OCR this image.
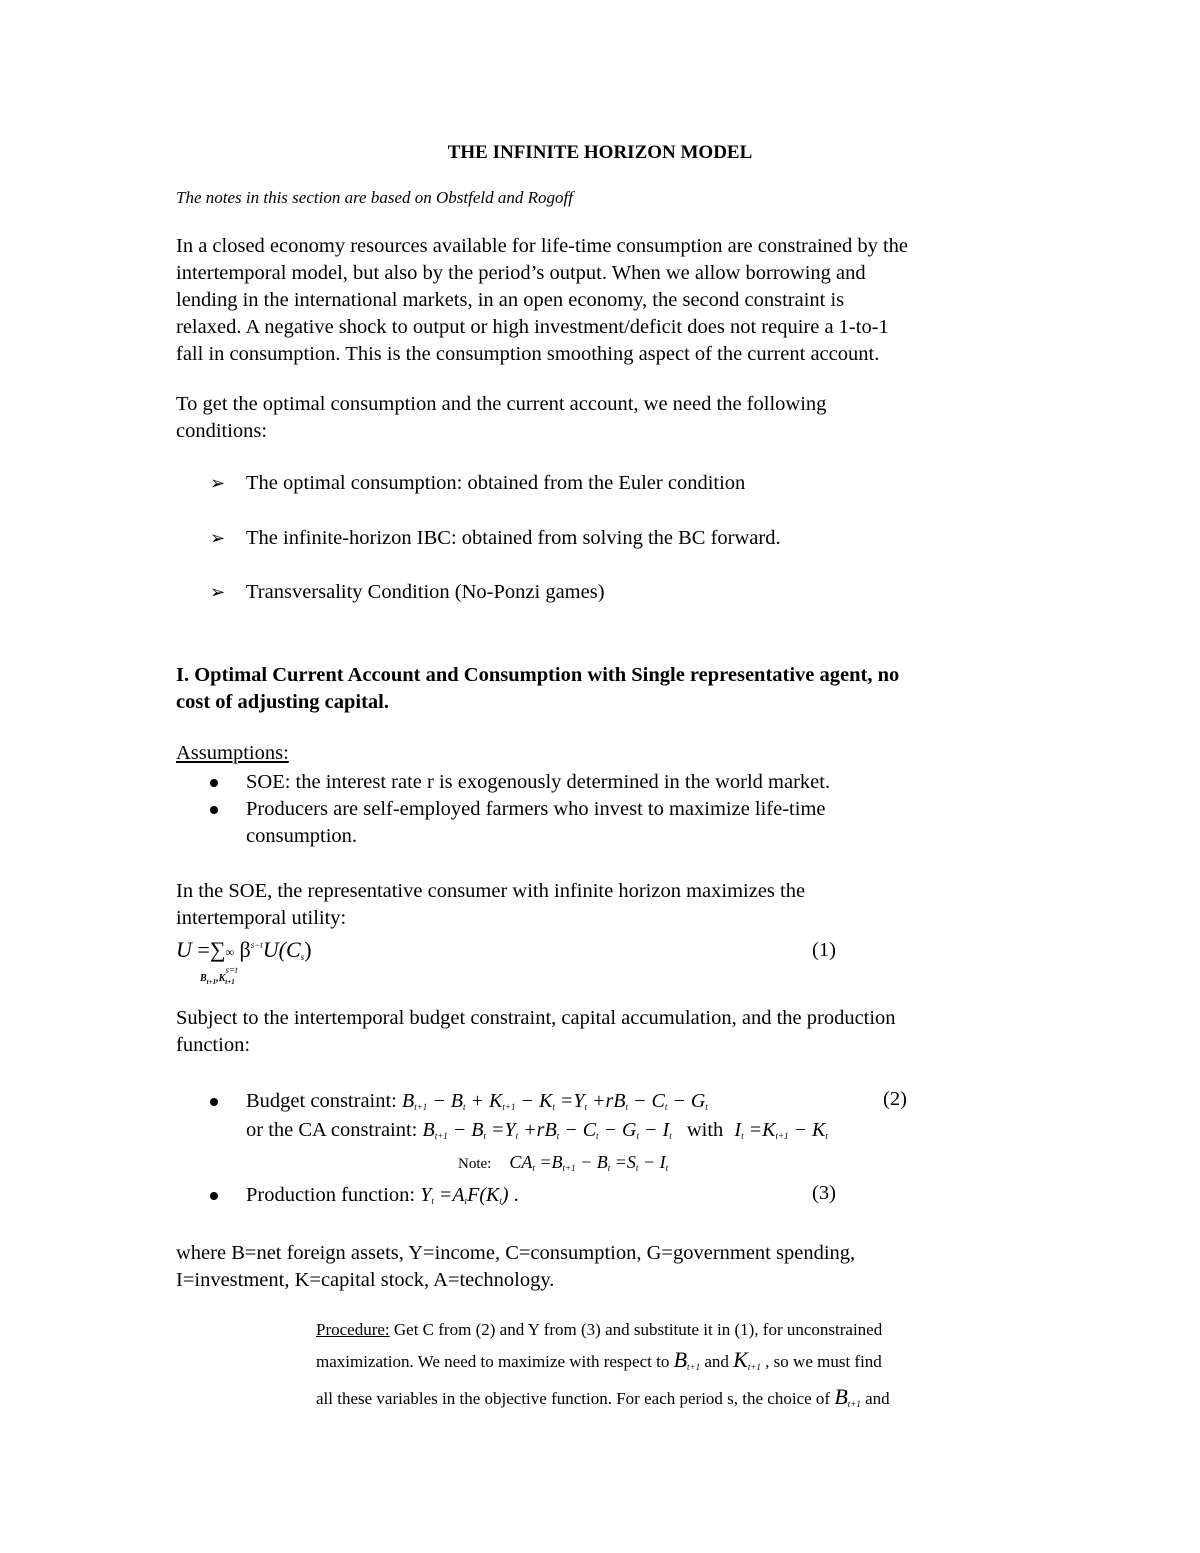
THE INFINITE HORIZON MODEL
The notes in this section are based on Obstfeld and Rogoff
In a closed economy resources available for life-time consumption are constrained by the
intertemporal model, but also by the period’s output. When we allow borrowing and
lending in the international markets, in an open economy, the second constraint is
relaxed. A negative shock to output or high investment/deficit does not require a 1-to-1
fall in consumption. This is the consumption smoothing aspect of the current account.
To get the optimal consumption and the current account, we need the following
conditions:
➢ The optimal consumption: obtained from the Euler condition
➢ The infinite-horizon IBC: obtained from solving the BC forward.
➢ Transversality Condition (No-Ponzi games)
I. Optimal Current Account and Consumption with Single representative agent, no
cost of adjusting capital.
Assumptions:
SOE: the interest rate r is exogenously determined in the world market.
Producers are self-employed farmers who invest to maximize life-time
consumption.
In the SOE, the representative consumer with infinite horizon maximizes the
intertemporal utility:
U =∑ ∞
s=t
$\beta^{s-t}U(C_s)$
$B_{t+1},K_{t+1}$
(1)
Subject to the intertemporal budget constraint, capital accumulation, and the production
function:
Budget constraint: $B_{t+1} - B_t + K_{t+1} - K_t =Y_t +rB_t - C_t - G_t$	(2)
or the CA constraint: $B_{t+1} - B_t =Y_t +rB_t - C_t - G_t - I_t$ with $I_t =K_{t+1} - K_t$
Note: $CA_t =B_{t+1} - B_t =S_t - I_t$
Production function: $Y_t =A_tF(K_t)$ .	(3)
where B=net foreign assets, Y=income, C=consumption, G=government spending,
I=investment, K=capital stock, A=technology.
Procedure: Get C from (2) and Y from (3) and substitute it in (1), for unconstrained
maximization. We need to maximize with respect to $B_{t+1}$ and $K_{t+1}$ , so we must find
all these variables in the objective function. For each period s, the choice of $B_{t+1}$ and
